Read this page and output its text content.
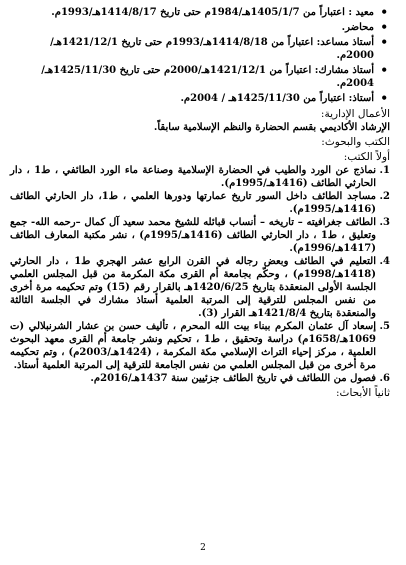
• معيد : اعتباراً من 1405/1/7هـ/1984م حتى تاريخ 1414/8/17هـ/1993م.
• محاضر.
• أستاذ مساعد: اعتباراً من 1414/8/18هـ/1993م حتى تاريخ 1421/12/1هـ/ 2000م.
• أستاذ مشارك: اعتباراً من 1421/12/1هـ/2000م حتى تاريخ 1425/11/30هـ/ 2004م.
• أستاذ: اعتباراً من 1425/11/30هـ / 2004م.
الأعمال الإدارية:

الإرشاد الأكاديمي بقسم الحضارة والنظم الإسلامية سابقاً.

الكتب والبحوث:
أولاً الكتب:
1.
نماذج عن الورد والطيب في الحضارة الإسلامية وصناعة ماء الورد الطائفي ، ط1 ، دار الحارثي الطائف (1416هـ/1995م).
2.
مساجد الطائف داخل السور تاريخ عمارتها ودورها العلمي ، ط1، دار الحارثي الطائف (1416هـ/1995م).
3.
الطائف جغرافيته – تاريخه – أنساب قبائله للشيخ محمد سعيد آل كمال –رحمه الله- جمع وتعليق ، ط1 ، دار الحارثي الطائف (1416هـ/1995م) ، نشر مكتبة المعارف الطائف (1417هـ/1996م).
4.
التعليم في الطائف وبعض رجاله في القرن الرابع عشر الهجري ط1 ، دار الحارثي (1418هـ/1998م) ، وحكّم بجامعة أم القرى مكة المكرمة من قبل المجلس العلمي الجلسة الأولى المنعقدة بتاريخ 1420/6/25هـ بالقرار رقم (15) وتم تحكيمه مرة أخرى من نفس المجلس للترقية إلى المرتبة العلمية أستاذ مشارك في الجلسة الثالثة والمنعقدة بتاريخ 1421/8/4هـ القرار (3).
5.
إسعاد آل عثمان المكرم ببناء بيت الله المحرم ، تأليف حسن بن عشار الشرنبلالي (ت 1069هـ/1658م) دراسة وتحقيق ، ط1 ، تحكيم ونشر جامعة أم القرى معهد البحوث العلمية ، مركز إحياء التراث الإسلامي مكة المكرمة ، (1424هـ/2003م) ، وتم تحكيمه مرة أخرى من قبل المجلس العلمي من نفس الجامعة للترقية إلى المرتبة العلمية أستاذ.
6.
فصول من اللطائف في تاريخ الطائف جزئيين سنة 1437هـ/2016م.
ثانياً الأبحاث:
2
